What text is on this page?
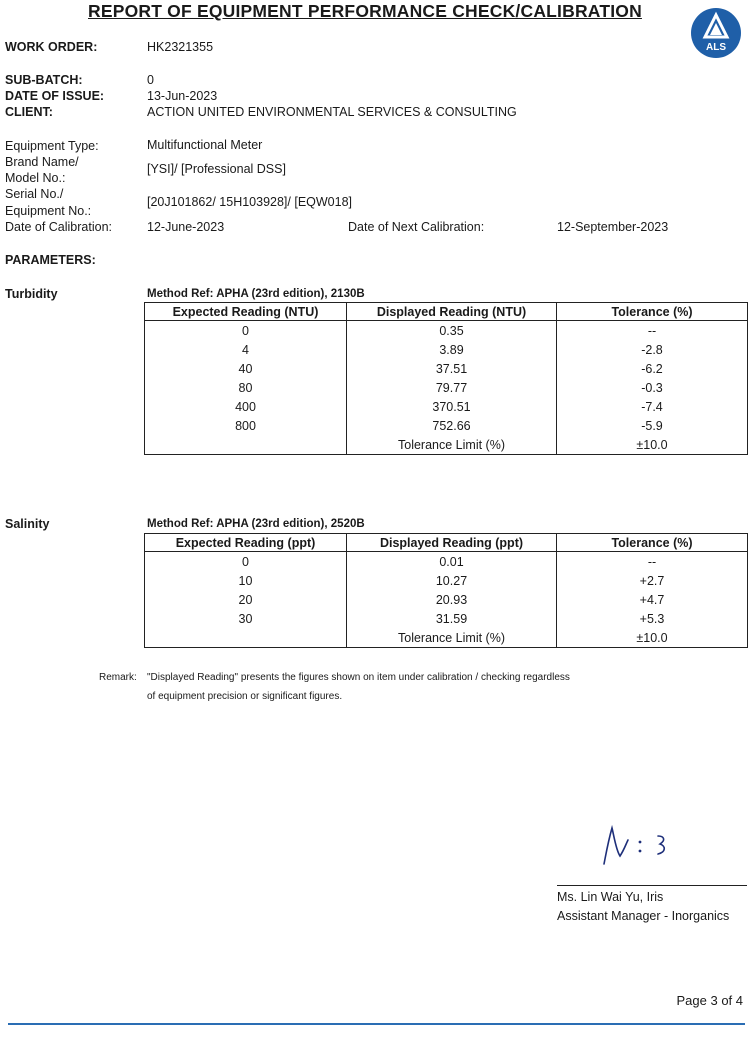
REPORT OF EQUIPMENT PERFORMANCE CHECK/CALIBRATION
ALS
WORK ORDER:	HK2321355
SUB-BATCH:	0
DATE OF ISSUE:	13-Jun-2023
CLIENT:	ACTION UNITED ENVIRONMENTAL SERVICES & CONSULTING
Equipment Type:	Multifunctional Meter
Brand Name/
Model No.:
[YSI]/ [Professional DSS]
Serial No./
Equipment No.:
[20J101862/ 15H103928]/ [EQW018]
Date of Calibration:	12-June-2023	Date of Next Calibration:	12-September-2023
PARAMETERS:
Turbidity	Method Ref: APHA (23rd edition), 2130B
Expected Reading (NTU)	Displayed Reading (NTU)	Tolerance (%)
0	0.35	--
4	3.89	-2.8
40	37.51	-6.2
80	79.77	-0.3
400	370.51	-7.4
800	752.66	-5.9
	Tolerance Limit (%)	±10.0
Salinity	Method Ref: APHA (23rd edition), 2520B
Expected Reading (ppt)	Displayed Reading (ppt)	Tolerance (%)
0	0.01	--
10	10.27	+2.7
20	20.93	+4.7
30	31.59	+5.3
	Tolerance Limit (%)	±10.0
Remark: "Displayed Reading" presents the figures shown on item under calibration / checking regardless
of equipment precision or significant figures.
Ms. Lin Wai Yu, Iris
Assistant Manager - Inorganics
Page 3 of 4
